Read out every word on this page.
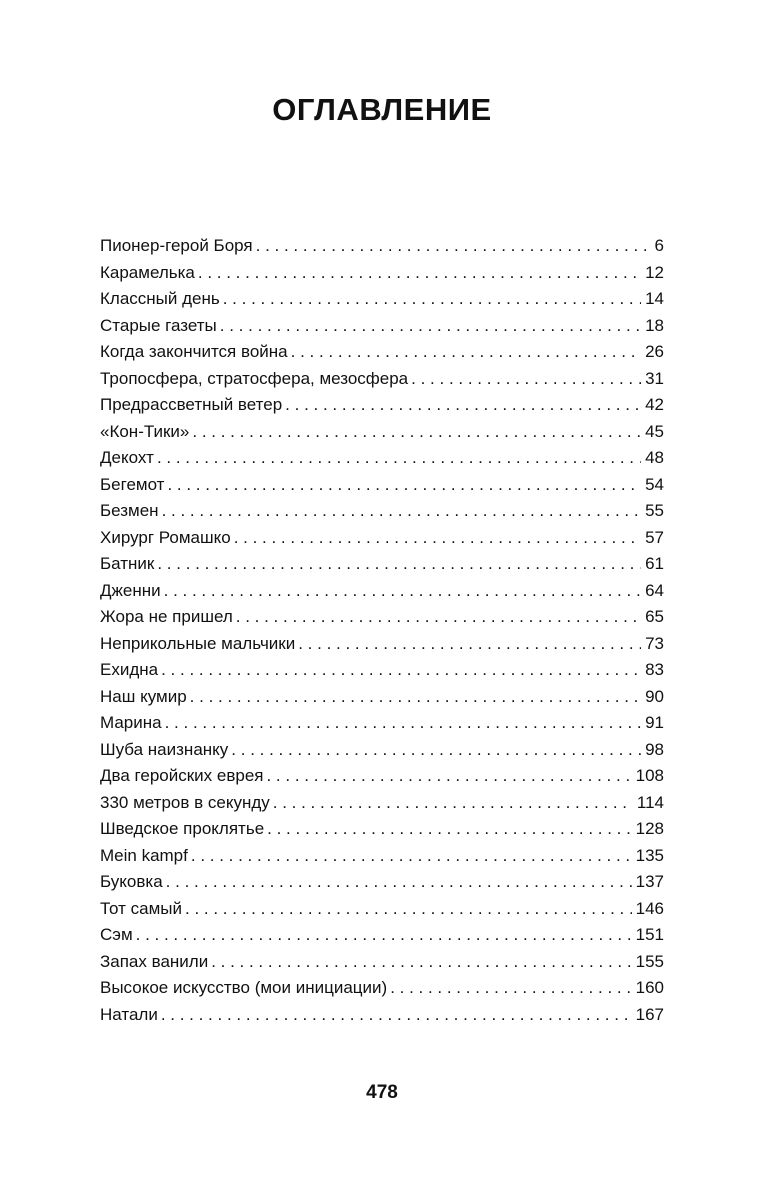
ОГЛАВЛЕНИЕ
Пионер-герой Боря . . .	6
Карамелька . . .	12
Классный день . . .	14
Старые газеты . . .	18
Когда закончится война . . .	26
Тропосфера, стратосфера, мезосфера . . .	31
Предрассветный ветер . . .	42
«Кон-Тики» . . .	45
Декохт . . .	48
Бегемот . . .	54
Безмен . . .	55
Хирург Ромашко . . .	57
Батник . . .	61
Дженни . . .	64
Жора не пришел . . .	65
Неприкольные мальчики . . .	73
Ехидна . . .	83
Наш кумир . . .	90
Марина . . .	91
Шуба наизнанку . . .	98
Два геройских еврея . . .	108
330 метров в секунду . . .	114
Шведское проклятье . . .	128
Mein kampf . . .	135
Буковка . . .	137
Тот самый . . .	146
Сэм . . .	151
Запах ванили . . .	155
Высокое искусство (мои инициации) . . .	160
Натали . . .	167
478
